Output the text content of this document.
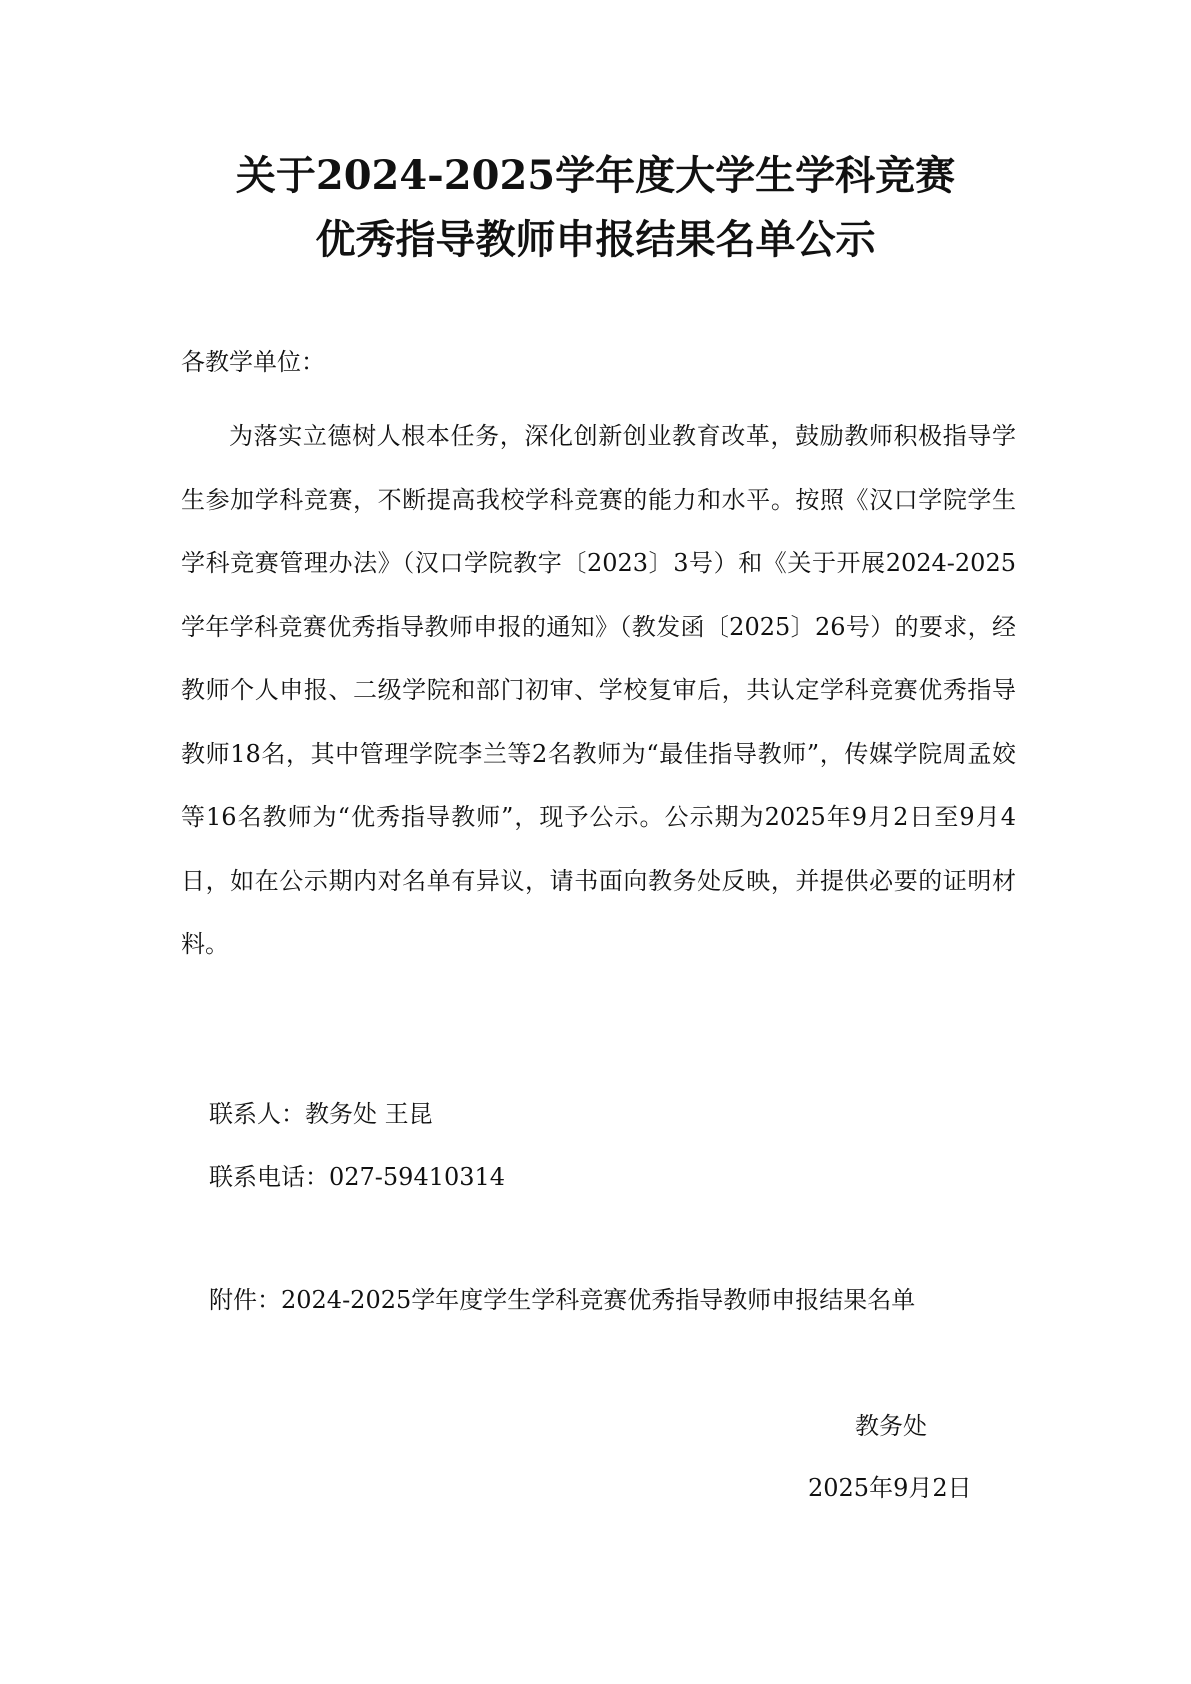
关于2024-2025学年度大学生学科竞赛
优秀指导教师申报结果名单公示
各教学单位：

为落实立德树人根本任务，深化创新创业教育改革，鼓励教师积极指导学生参加学科竞赛，不断提高我校学科竞赛的能力和水平。按照《汉口学院学生学科竞赛管理办法》（汉口学院教字〔2023〕3号）和《关于开展2024-2025学年学科竞赛优秀指导教师申报的通知》（教发函〔2025〕26号）的要求，经教师个人申报、二级学院和部门初审、学校复审后，共认定学科竞赛优秀指导教师18名，其中管理学院李兰等2名教师为“最佳指导教师”，传媒学院周孟姣等16名教师为“优秀指导教师”，现予公示。公示期为2025年9月2日至9月4日，如在公示期内对名单有异议，请书面向教务处反映，并提供必要的证明材料。

联系人：教务处 王昆
联系电话：027-59410314
附件：2024-2025学年度学生学科竞赛优秀指导教师申报结果名单
教务处
2025年9月2日
